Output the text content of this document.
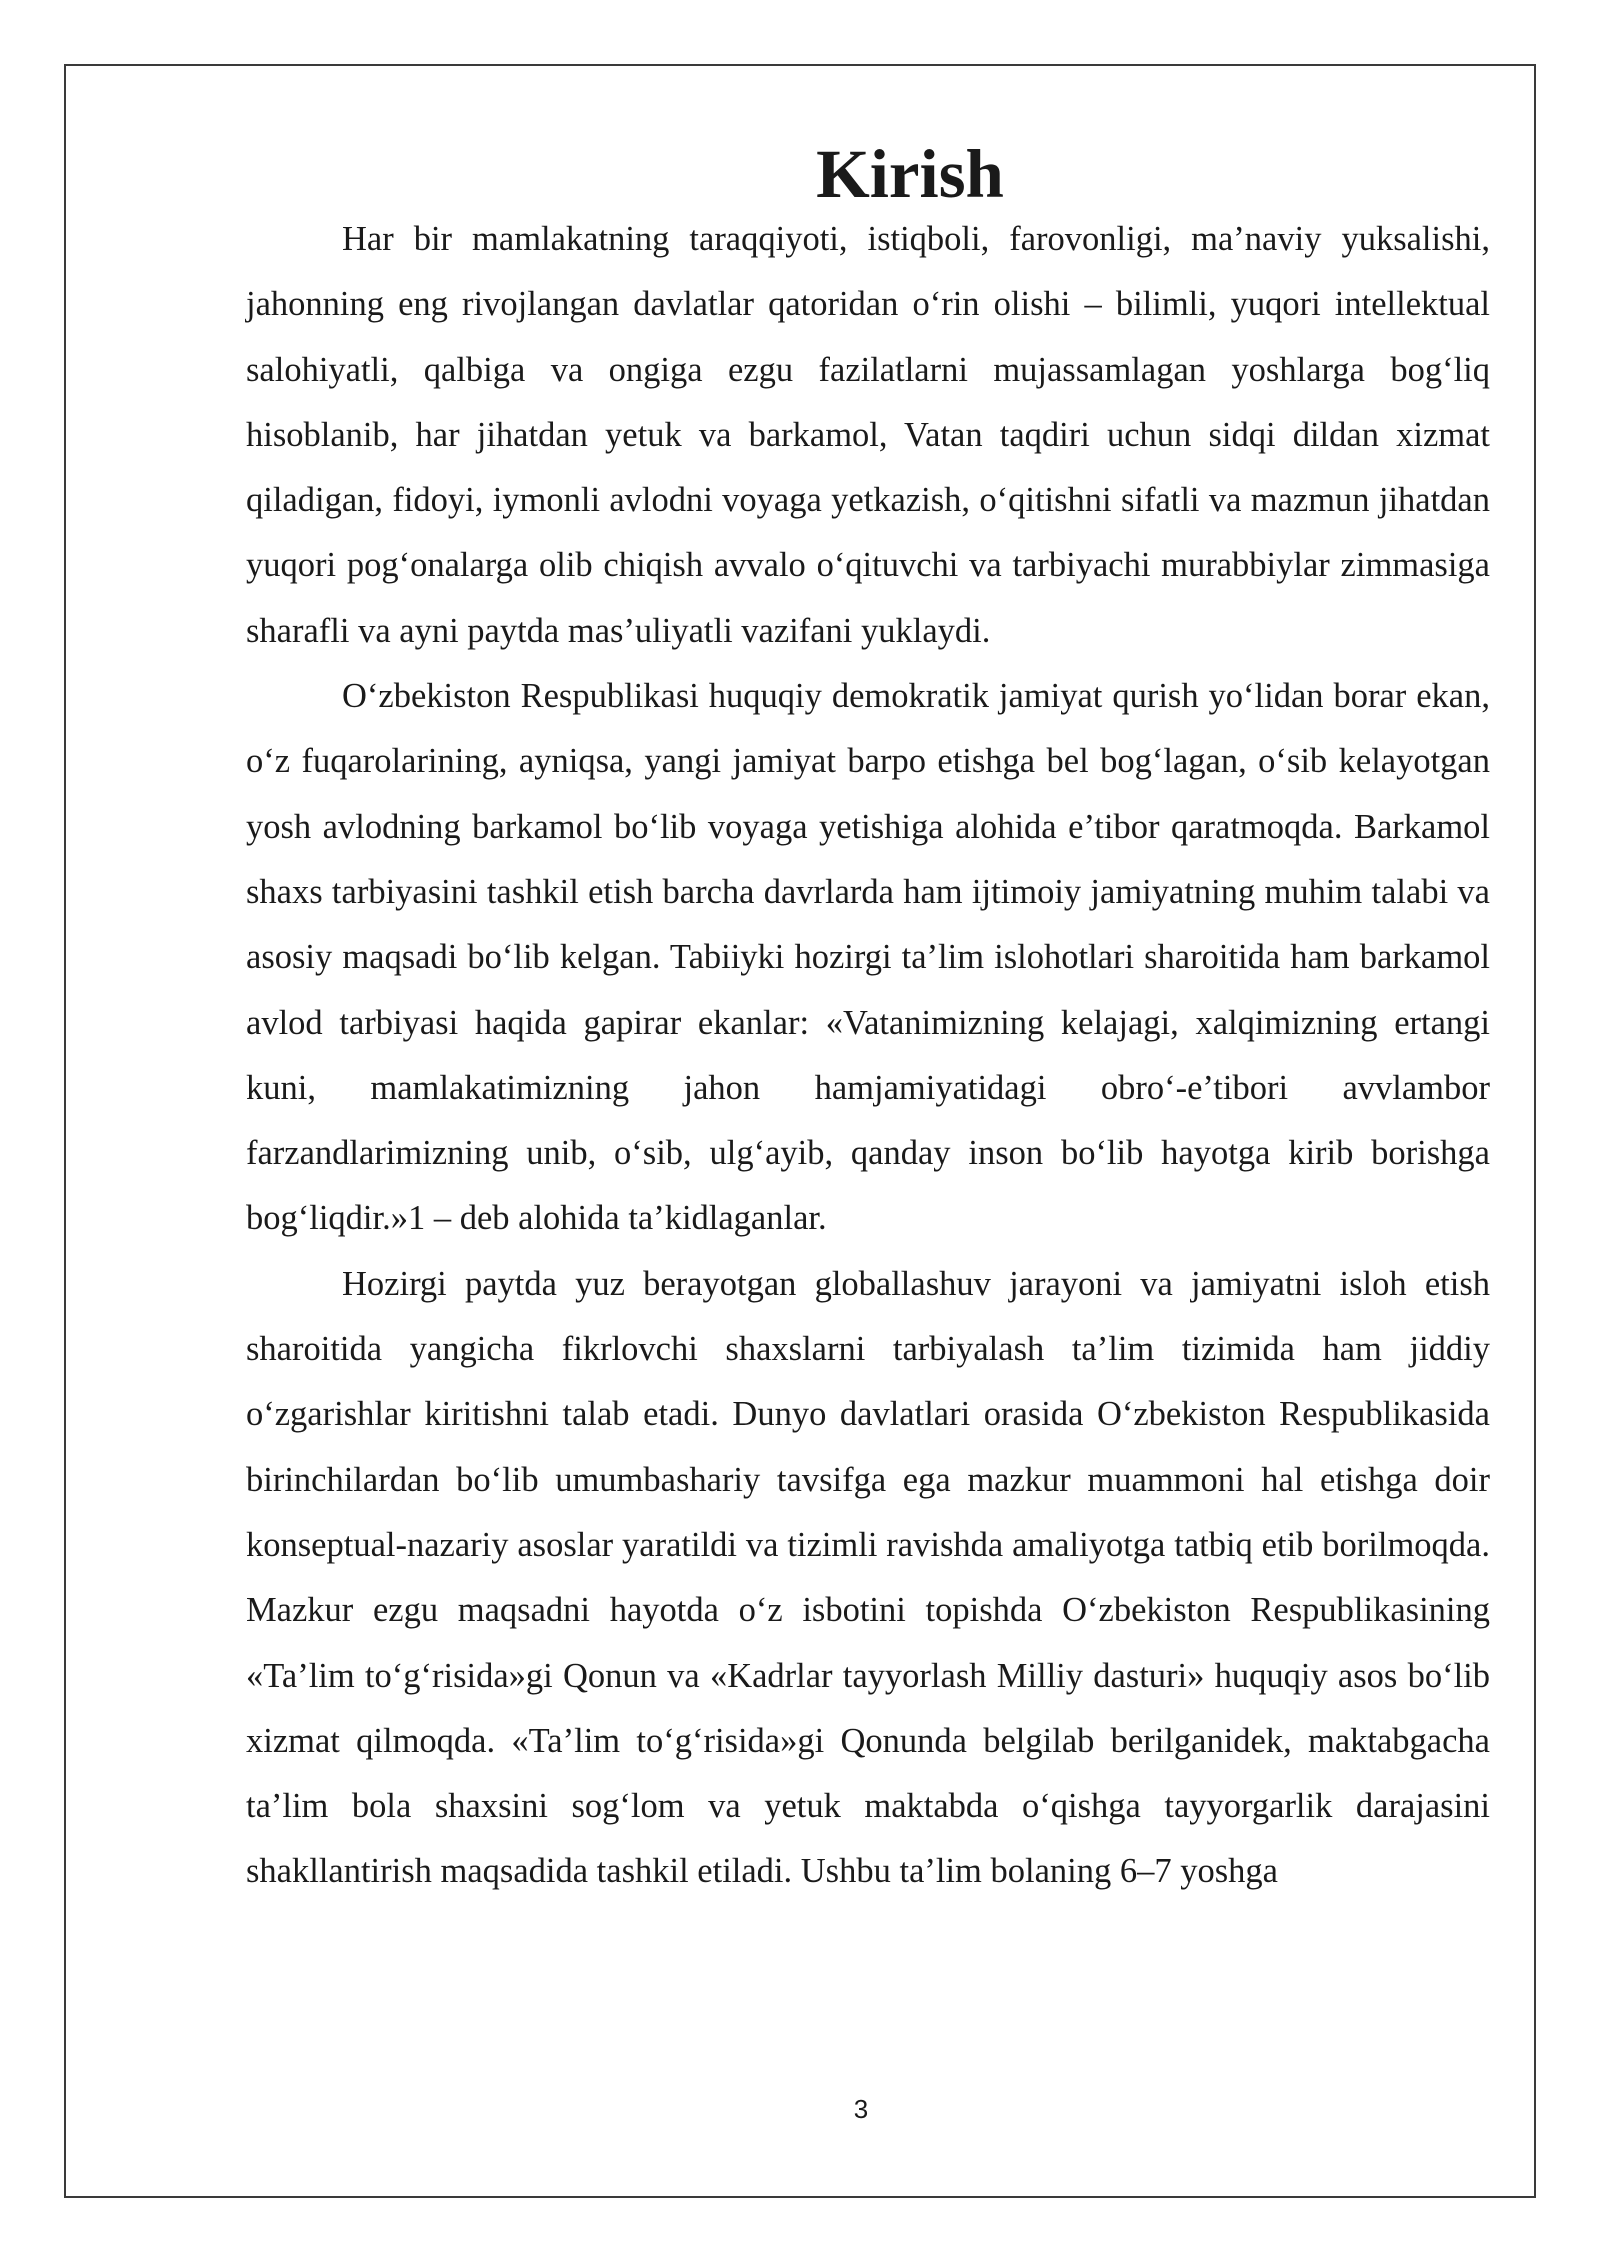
Kirish

Har bir mamlakatning taraqqiyoti, istiqboli, farovonligi, ma’naviy yuksalishi, jahonning eng rivojlangan davlatlar qatoridan o‘rin olishi – bilimli, yuqori intellektual salohiyatli, qalbiga va ongiga ezgu fazilatlarni mujassamlagan yoshlarga bog‘liq hisoblanib, har jihatdan yetuk va barkamol, Vatan taqdiri uchun sidqi dildan xizmat qiladigan, fidoyi, iymonli avlodni voyaga yetkazish, o‘qitishni sifatli va mazmun jihatdan yuqori pog‘onalarga olib chiqish avvalo o‘qituvchi va tarbiyachi murabbiylar zimmasiga sharafli va ayni paytda mas’uliyatli vazifani yuklaydi.

O‘zbekiston Respublikasi huquqiy demokratik jamiyat qurish yo‘lidan borar ekan, o‘z fuqarolarining, ayniqsa, yangi jamiyat barpo etishga bel bog‘lagan, o‘sib kelayotgan yosh avlodning barkamol bo‘lib voyaga yetishiga alohida e’tibor qaratmoqda. Barkamol shaxs tarbiyasini tashkil etish barcha davrlarda ham ijtimoiy jamiyatning muhim talabi va asosiy maqsadi bo‘lib kelgan. Tabiiyki hozirgi ta’lim islohotlari sharoitida ham barkamol avlod tarbiyasi haqida gapirar ekanlar: «Vatanimizning kelajagi, xalqimizning ertangi kuni, mamlakatimizning jahon hamjamiyatidagi obro‘-e’tibori avvlambor farzandlarimizning unib, o‘sib, ulg‘ayib, qanday inson bo‘lib hayotga kirib borishga bog‘liqdir.»1 – deb alohida ta’kidlaganlar.

Hozirgi paytda yuz berayotgan globallashuv jarayoni va jamiyatni isloh etish sharoitida yangicha fikrlovchi shaxslarni tarbiyalash ta’lim tizimida ham jiddiy o‘zgarishlar kiritishni talab etadi. Dunyo davlatlari orasida O‘zbekiston Respublikasida birinchilardan bo‘lib umumbashariy tavsifga ega mazkur muammoni hal etishga doir konseptual-nazariy asoslar yaratildi va tizimli ravishda amaliyotga tatbiq etib borilmoqda. Mazkur ezgu maqsadni hayotda o‘z isbotini topishda O‘zbekiston Respublikasining «Ta’lim to‘g‘risida»gi Qonun va «Kadrlar tayyorlash Milliy dasturi» huquqiy asos bo‘lib xizmat qilmoqda. «Ta’lim to‘g‘risida»gi Qonunda belgilab berilganidek, maktabgacha ta’lim bola shaxsini sog‘lom va yetuk maktabda o‘qishga tayyorgarlik darajasini shakllantirish maqsadida tashkil etiladi. Ushbu ta’lim bolaning 6–7 yoshga

3
